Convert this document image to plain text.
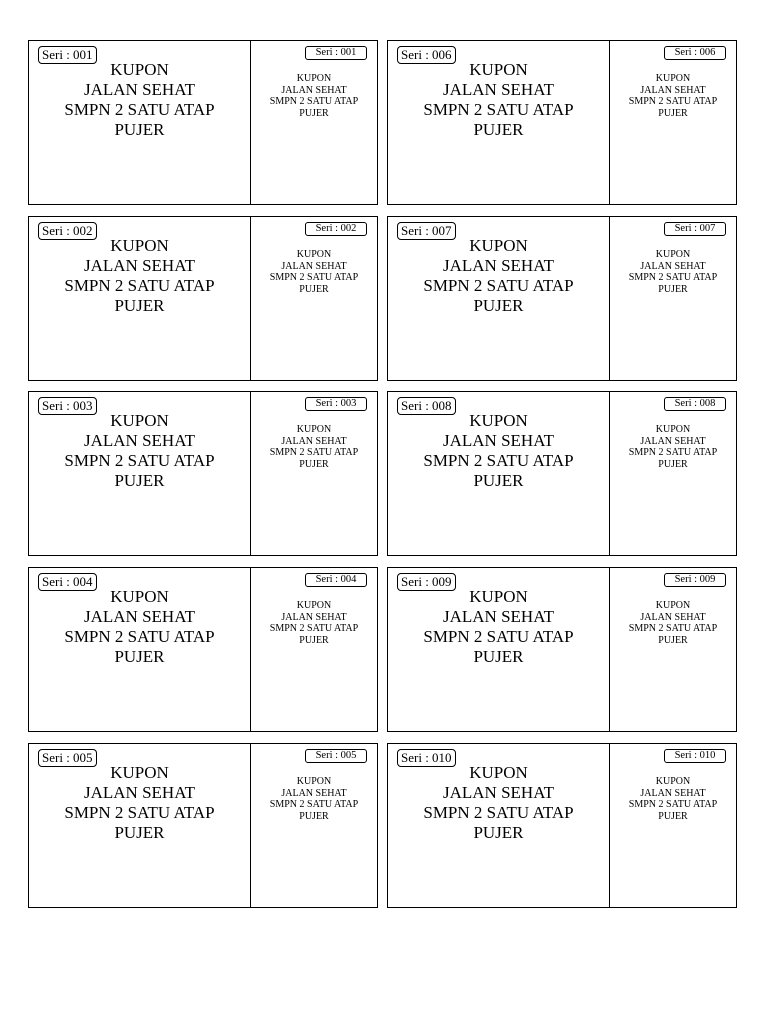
Seri : 001
KUPON
JALAN SEHAT
SMPN 2 SATU ATAP
PUJER
Seri : 001
KUPON
JALAN SEHAT
SMPN 2 SATU ATAP
PUJER
Seri : 002
KUPON
JALAN SEHAT
SMPN 2 SATU ATAP
PUJER
Seri : 002
KUPON
JALAN SEHAT
SMPN 2 SATU ATAP
PUJER
Seri : 003
KUPON
JALAN SEHAT
SMPN 2 SATU ATAP
PUJER
Seri : 003
KUPON
JALAN SEHAT
SMPN 2 SATU ATAP
PUJER
Seri : 004
KUPON
JALAN SEHAT
SMPN 2 SATU ATAP
PUJER
Seri : 004
KUPON
JALAN SEHAT
SMPN 2 SATU ATAP
PUJER
Seri : 005
KUPON
JALAN SEHAT
SMPN 2 SATU ATAP
PUJER
Seri : 005
KUPON
JALAN SEHAT
SMPN 2 SATU ATAP
PUJER
Seri : 006
KUPON
JALAN SEHAT
SMPN 2 SATU ATAP
PUJER
Seri : 006
KUPON
JALAN SEHAT
SMPN 2 SATU ATAP
PUJER
Seri : 007
KUPON
JALAN SEHAT
SMPN 2 SATU ATAP
PUJER
Seri : 007
KUPON
JALAN SEHAT
SMPN 2 SATU ATAP
PUJER
Seri : 008
KUPON
JALAN SEHAT
SMPN 2 SATU ATAP
PUJER
Seri : 008
KUPON
JALAN SEHAT
SMPN 2 SATU ATAP
PUJER
Seri : 009
KUPON
JALAN SEHAT
SMPN 2 SATU ATAP
PUJER
Seri : 009
KUPON
JALAN SEHAT
SMPN 2 SATU ATAP
PUJER
Seri : 010
KUPON
JALAN SEHAT
SMPN 2 SATU ATAP
PUJER
Seri : 010
KUPON
JALAN SEHAT
SMPN 2 SATU ATAP
PUJER
